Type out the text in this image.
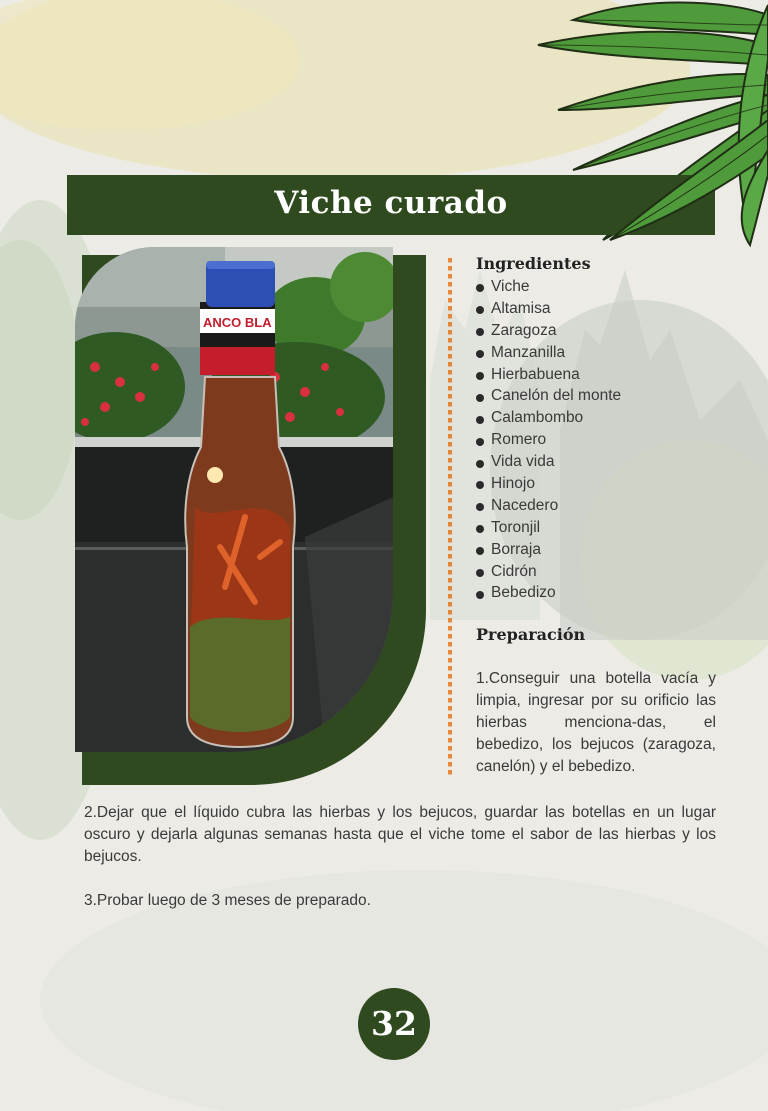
Viche curado
ANCO BLA
Ingredientes
Viche
Altamisa
Zaragoza
Manzanilla
Hierbabuena
Canelón del monte
Calambombo
Romero
Vida vida
Hinojo
Nacedero
Toronjil
Borraja
Cidrón
Bebedizo
Preparación
1.Conseguir una botella vacía y limpia, ingresar por su orificio las hierbas menciona-das, el bebedizo, los bejucos (zaragoza, canelón) y el bebedizo.
2.Dejar que el líquido cubra las hierbas y los bejucos, guardar las botellas en un lugar oscuro y dejarla algunas semanas hasta que el viche tome el sabor de las hierbas y los bejucos.
3.Probar luego de 3 meses de preparado.
32
